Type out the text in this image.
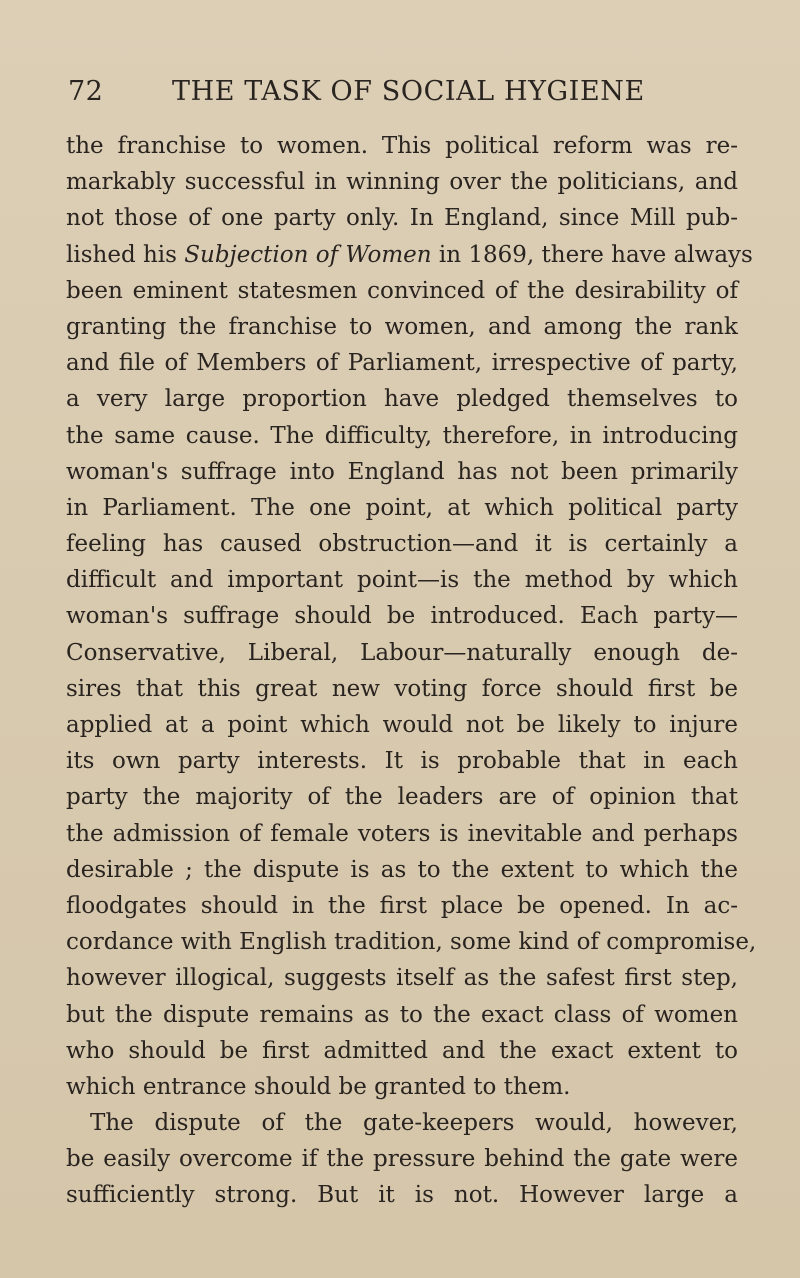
72	THE TASK OF SOCIAL HYGIENE
the franchise to women. This political reform was re-
markably successful in winning over the politicians, and
not those of one party only. In England, since Mill pub-
lished his Subjection of Women in 1869, there have always
been eminent statesmen convinced of the desirability of
granting the franchise to women, and among the rank
and file of Members of Parliament, irrespective of party,
a very large proportion have pledged themselves to
the same cause. The difficulty, therefore, in introducing
woman's suffrage into England has not been primarily
in Parliament. The one point, at which political party
feeling has caused obstruction—and it is certainly a
difficult and important point—is the method by which
woman's suffrage should be introduced. Each party—
Conservative, Liberal, Labour—naturally enough de-
sires that this great new voting force should first be
applied at a point which would not be likely to injure
its own party interests. It is probable that in each
party the majority of the leaders are of opinion that
the admission of female voters is inevitable and perhaps
desirable ; the dispute is as to the extent to which the
floodgates should in the first place be opened. In ac-
cordance with English tradition, some kind of compromise,
however illogical, suggests itself as the safest first step,
but the dispute remains as to the exact class of women
who should be first admitted and the exact extent to
which entrance should be granted to them.
The dispute of the gate-keepers would, however,
be easily overcome if the pressure behind the gate were
sufficiently strong. But it is not. However large a
